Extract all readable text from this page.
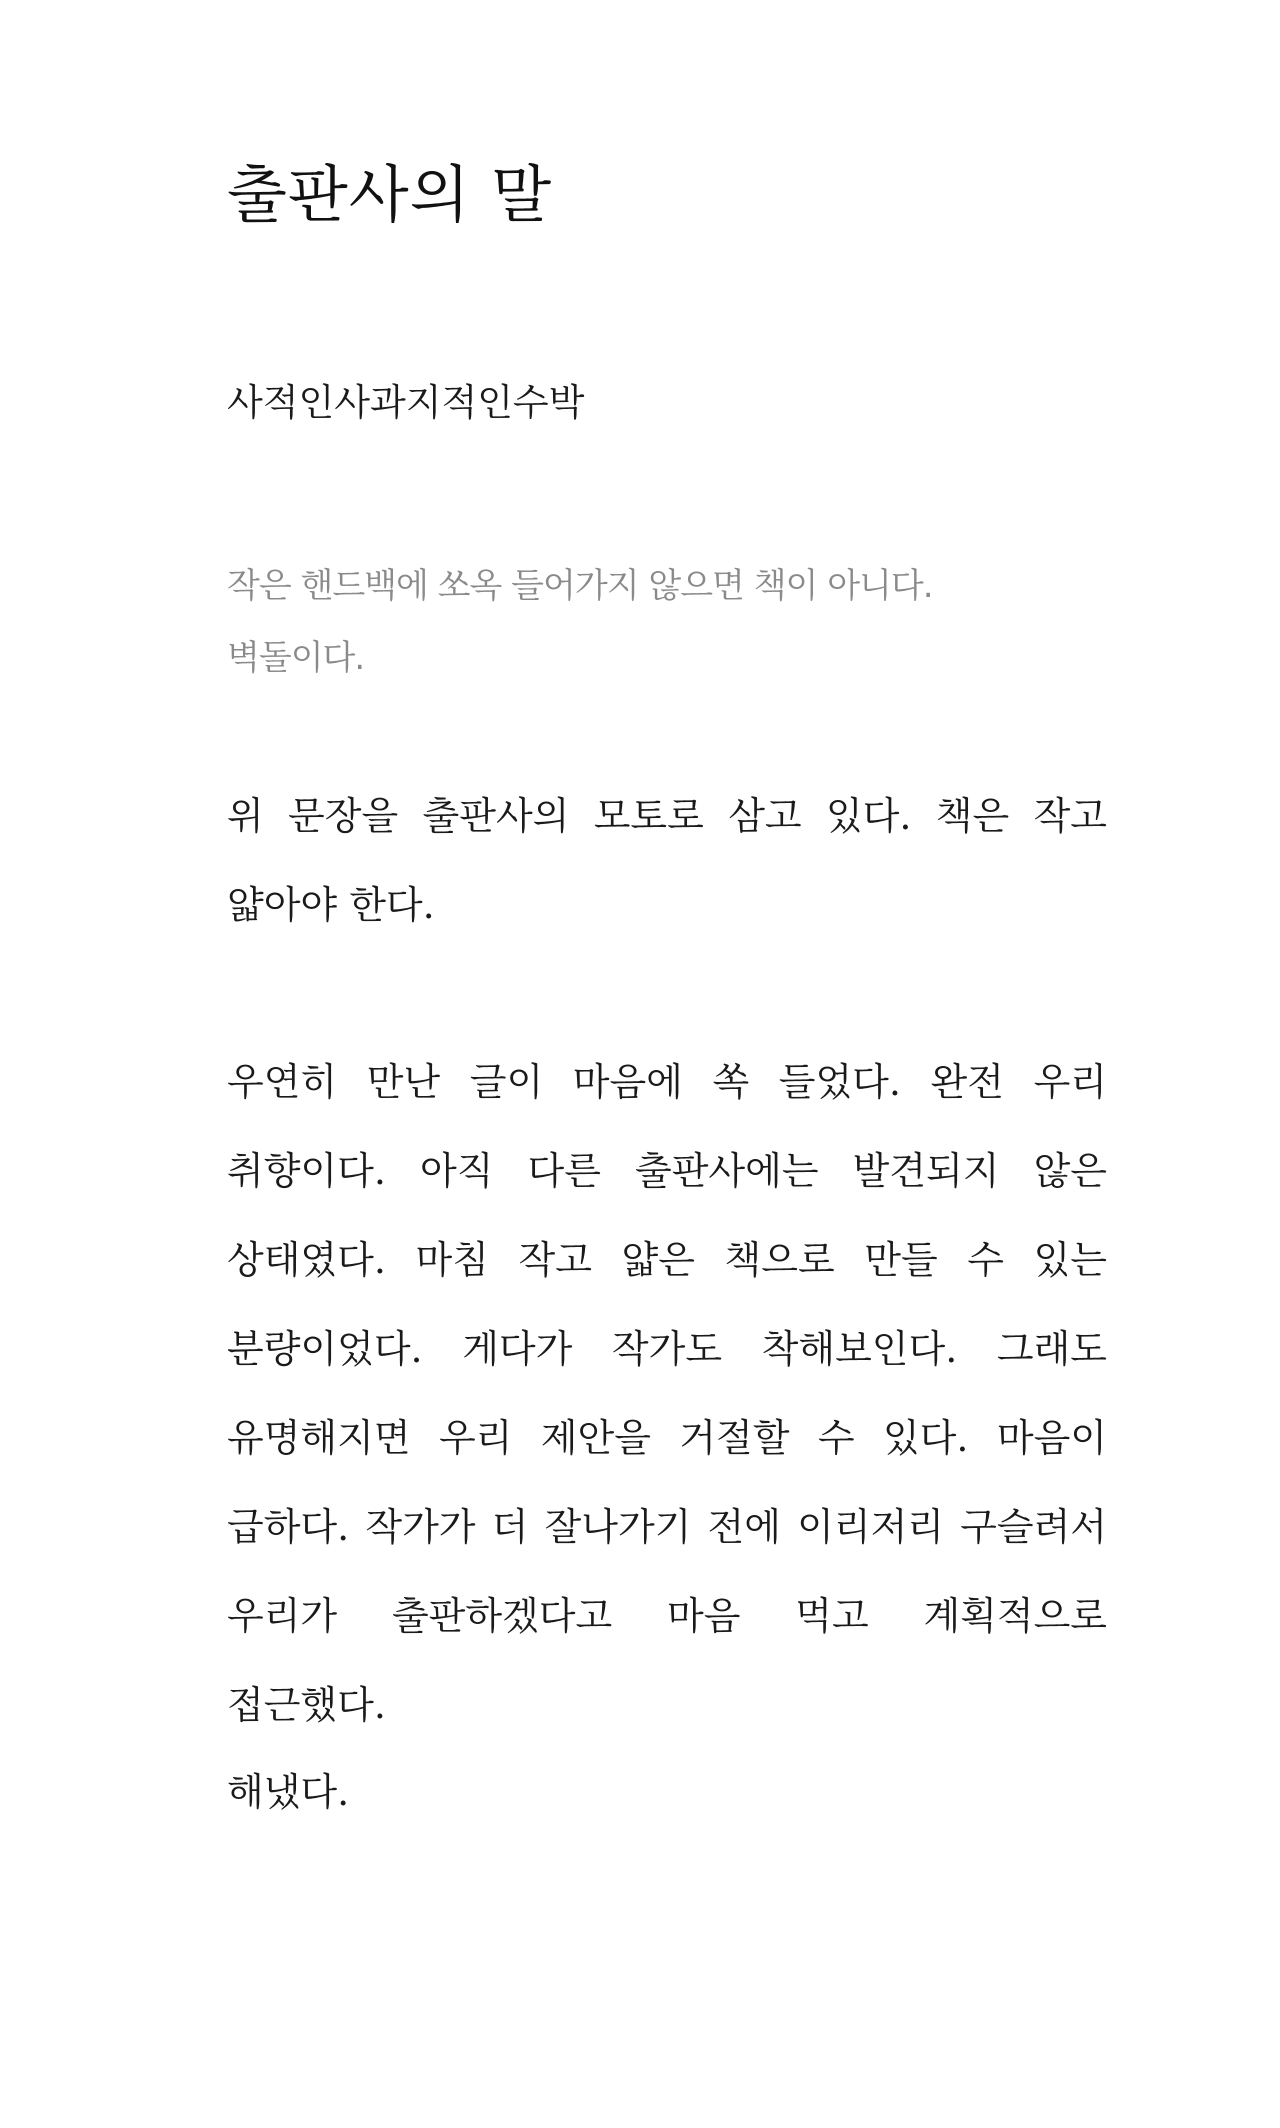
출판사의 말

사적인사과지적인수박

작은 핸드백에 쏘옥 들어가지 않으면 책이 아니다.
벽돌이다.

위 문장을 출판사의 모토로 삼고 있다. 책은 작고 얇아야 한다.

우연히 만난 글이 마음에 쏙 들었다. 완전 우리 취향이다. 아직 다른 출판사에는 발견되지 않은 상태였다. 마침 작고 얇은 책으로 만들 수 있는 분량이었다. 게다가 작가도 착해보인다. 그래도 유명해지면 우리 제안을 거절할 수 있다. 마음이 급하다. 작가가 더 잘나가기 전에 이리저리 구슬려서 우리가 출판하겠다고 마음 먹고 계획적으로 접근했다.

해냈다.
